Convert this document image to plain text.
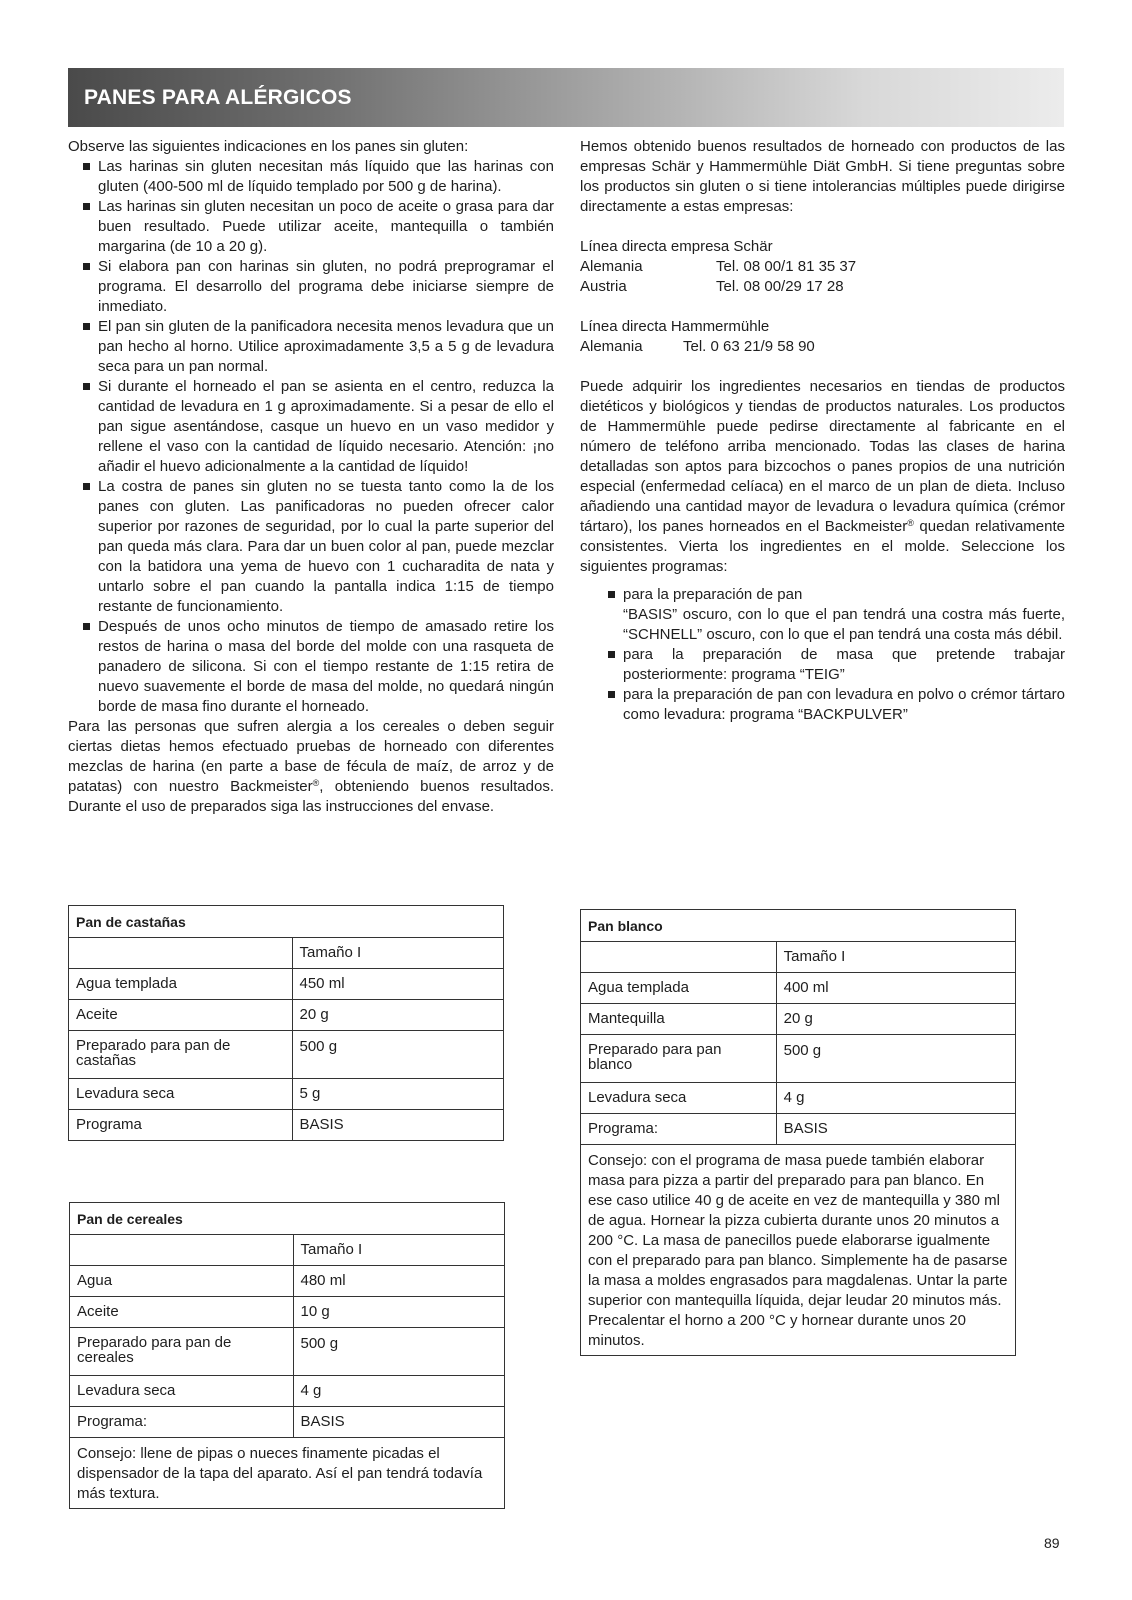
PANES PARA ALÉRGICOS

Observe las siguientes indicaciones en los panes sin gluten:

Las harinas sin gluten necesitan más líquido que las harinas con gluten (400-500 ml de líquido templado por 500 g de harina).
Las harinas sin gluten necesitan un poco de aceite o grasa para dar buen resultado. Puede utilizar aceite, mantequilla o también margarina (de 10 a 20 g).
Si elabora pan con harinas sin gluten, no podrá preprogramar el programa. El desarrollo del programa debe iniciarse siempre de inmediato.
El pan sin gluten de la panificadora necesita menos levadura que un pan hecho al horno. Utilice aproximadamente 3,5 a 5 g de levadura seca para un pan normal.
Si durante el horneado el pan se asienta en el centro, reduzca la cantidad de levadura en 1 g aproximadamente. Si a pesar de ello el pan sigue asentándose, casque un huevo en un vaso medidor y rellene el vaso con la cantidad de líquido necesario. Atención: ¡no añadir el huevo adicionalmente a la cantidad de líquido!
La costra de panes sin gluten no se tuesta tanto como la de los panes con gluten. Las panificadoras no pueden ofrecer calor superior por razones de seguridad, por lo cual la parte superior del pan queda más clara. Para dar un buen color al pan, puede mezclar con la batidora una yema de huevo con 1 cucharadita de nata y untarlo sobre el pan cuando la pantalla indica 1:15 de tiempo restante de funcionamiento.
Después de unos ocho minutos de tiempo de amasado retire los restos de harina o masa del borde del molde con una rasqueta de panadero de silicona. Si con el tiempo restante de 1:15 retira de nuevo suavemente el borde de masa del molde, no quedará ningún borde de masa fino durante el horneado.

Para las personas que sufren alergia a los cereales o deben seguir ciertas dietas hemos efectuado pruebas de horneado con diferentes mezclas de harina (en parte a base de fécula de maíz, de arroz y de patatas) con nuestro Backmeister®, obteniendo buenos resultados. Durante el uso de preparados siga las instrucciones del envase.

Hemos obtenido buenos resultados de horneado con productos de las empresas Schär y Hammermühle Diät GmbH. Si tiene preguntas sobre los productos sin gluten o si tiene intolerancias múltiples puede dirigirse directamente a estas empresas:

Línea directa empresa Schär
Alemania	Tel. 08 00/1 81 35 37
Austria	Tel. 08 00/29 17 28
Línea directa Hammermühle
Alemania	Tel. 0 63 21/9 58 90

Puede adquirir los ingredientes necesarios en tiendas de productos dietéticos y biológicos y tiendas de productos naturales. Los productos de Hammermühle puede pedirse directamente al fabricante en el número de teléfono arriba mencionado. Todas las clases de harina detalladas son aptos para bizcochos o panes propios de una nutrición especial (enfermedad celíaca) en el marco de un plan de dieta. Incluso añadiendo una cantidad mayor de levadura o levadura química (crémor tártaro), los panes horneados en el Backmeister® quedan relativamente consistentes. Vierta los ingredientes en el molde. Seleccione los siguientes programas:

para la preparación de pan
“BASIS” oscuro, con lo que el pan tendrá una costra más fuerte, “SCHNELL” oscuro, con lo que el pan tendrá una costa más débil.
para la preparación de masa que pretende trabajar posteriormente: programa “TEIG”
para la preparación de pan con levadura en polvo o crémor tártaro como levadura: programa “BACKPULVER”
Pan de castañas	
	Tamaño I
Agua templada	450 ml
Aceite	20 g

Preparado para pan de castañas	500 g
Levadura seca	5 g
Programa	BASIS
Pan de cereales	
	Tamaño I
Agua	480 ml
Aceite	10 g

Preparado para pan de cereales	500 g
Levadura seca	4 g
Programa:	BASIS
Consejo: llene de pipas o nueces finamente picadas el dispensador de la tapa del aparato. Así el pan tendrá todavía más textura.	
Pan blanco	
	Tamaño I
Agua templada	400 ml
Mantequilla	20 g

Preparado para pan blanco	500 g
Levadura seca	4 g
Programa:	BASIS
Consejo: con el programa de masa puede también elaborar masa para pizza a partir del preparado para pan blanco. En ese caso utilice 40 g de aceite en vez de mantequilla y 380 ml de agua. Hornear la pizza cubierta durante unos 20 minutos a 200 °C. La masa de panecillos puede elaborarse igualmente con el preparado para pan blanco. Simplemente ha de pasarse la masa a moldes engrasados para magdalenas. Untar la parte superior con mantequilla líquida, dejar leudar 20 minutos más. Precalentar el horno a 200 °C y hornear durante unos 20 minutos.	
89
